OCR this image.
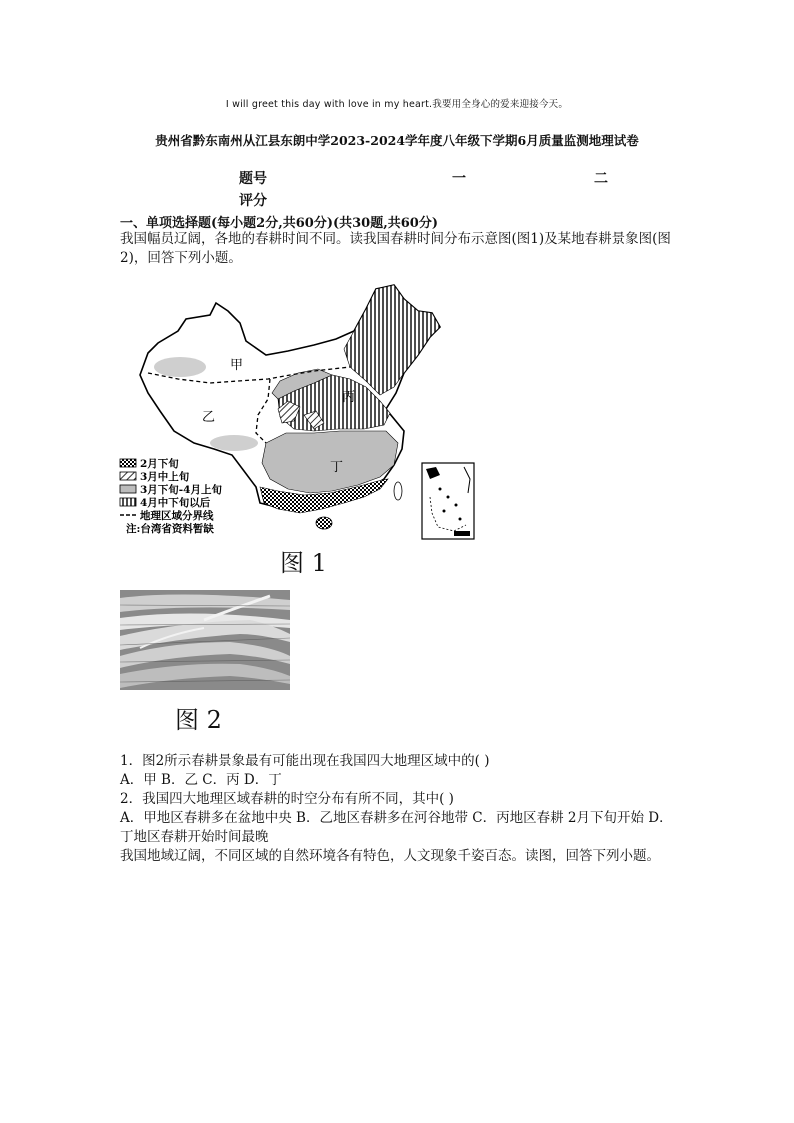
I will greet this day with love in my heart.我要用全身心的爱来迎接今天。
贵州省黔东南州从江县东朗中学2023-2024学年度八年级下学期6月质量监测地理试卷
题号	一	二
评分
一、单项选择题(每小题2分,共60分)(共30题,共60分)
我国幅员辽阔，各地的春耕时间不同。读我国春耕时间分布示意图(图1)及某地春耕景象图(图2)，回答下列小题。
甲
乙
丙
丁
2月下旬
3月中上旬
3月下旬-4月上旬
4月中下旬以后
地理区域分界线
注:台湾省资料暂缺
图 1
图 2
1．图2所示春耕景象最有可能出现在我国四大地理区域中的( )
A．甲 B．乙 C．丙 D．丁
2．我国四大地理区域春耕的时空分布有所不同，其中( )
A．甲地区春耕多在盆地中央 B．乙地区春耕多在河谷地带 C．丙地区春耕 2月下旬开始 D．丁地区春耕开始时间最晚
我国地域辽阔，不同区域的自然环境各有特色，人文现象千姿百态。读图，回答下列小题。
